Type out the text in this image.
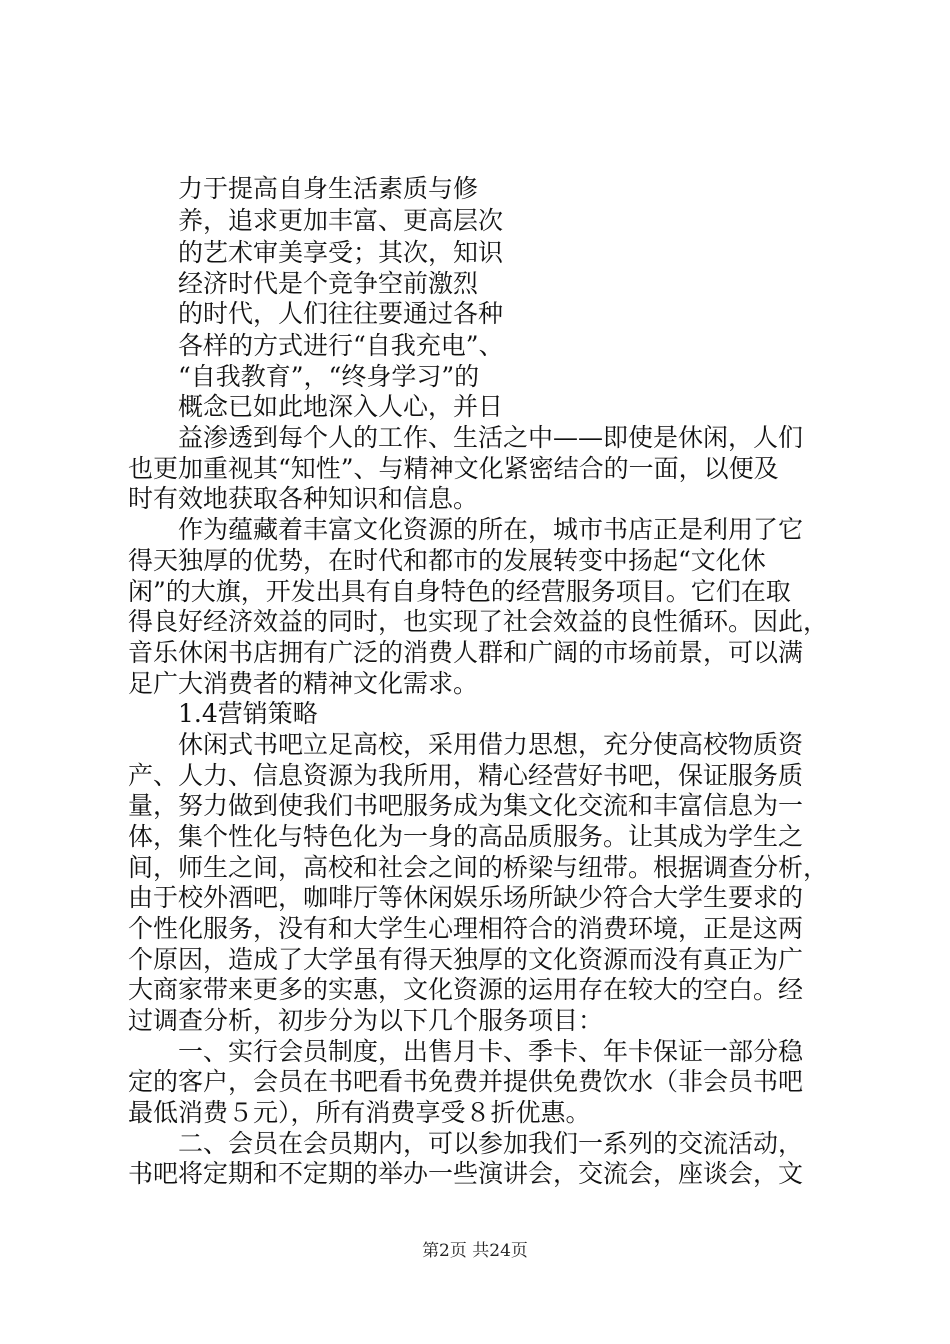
力于提高自身生活素质与修
养，追求更加丰富、更高层次
的艺术审美享受；其次，知识
经济时代是个竞争空前激烈
的时代，人们往往要通过各种
各样的方式进行“自我充电”、
“自我教育”，“终身学习”的
概念已如此地深入人心，并日
益渗透到每个人的工作、生活之中——即使是休闲，人们
也更加重视其“知性”、与精神文化紧密结合的一面，以便及
时有效地获取各种知识和信息。
作为蕴藏着丰富文化资源的所在，城市书店正是利用了它
得天独厚的优势，在时代和都市的发展转变中扬起“文化休
闲”的大旗，开发出具有自身特色的经营服务项目。它们在取
得良好经济效益的同时，也实现了社会效益的良性循环。因此，
音乐休闲书店拥有广泛的消费人群和广阔的市场前景，可以满
足广大消费者的精神文化需求。
1.4营销策略
休闲式书吧立足高校，采用借力思想，充分使高校物质资
产、人力、信息资源为我所用，精心经营好书吧，保证服务质
量，努力做到使我们书吧服务成为集文化交流和丰富信息为一
体，集个性化与特色化为一身的高品质服务。让其成为学生之
间，师生之间，高校和社会之间的桥梁与纽带。根据调查分析，
由于校外酒吧，咖啡厅等休闲娱乐场所缺少符合大学生要求的
个性化服务，没有和大学生心理相符合的消费环境，正是这两
个原因，造成了大学虽有得天独厚的文化资源而没有真正为广
大商家带来更多的实惠，文化资源的运用存在较大的空白。经
过调查分析，初步分为以下几个服务项目：
一、实行会员制度，出售月卡、季卡、年卡保证一部分稳
定的客户，会员在书吧看书免费并提供免费饮水（非会员书吧
最低消费５元），所有消费享受８折优惠。
二、会员在会员期内，可以参加我们一系列的交流活动，
书吧将定期和不定期的举办一些演讲会，交流会，座谈会，文
第2页 共24页
